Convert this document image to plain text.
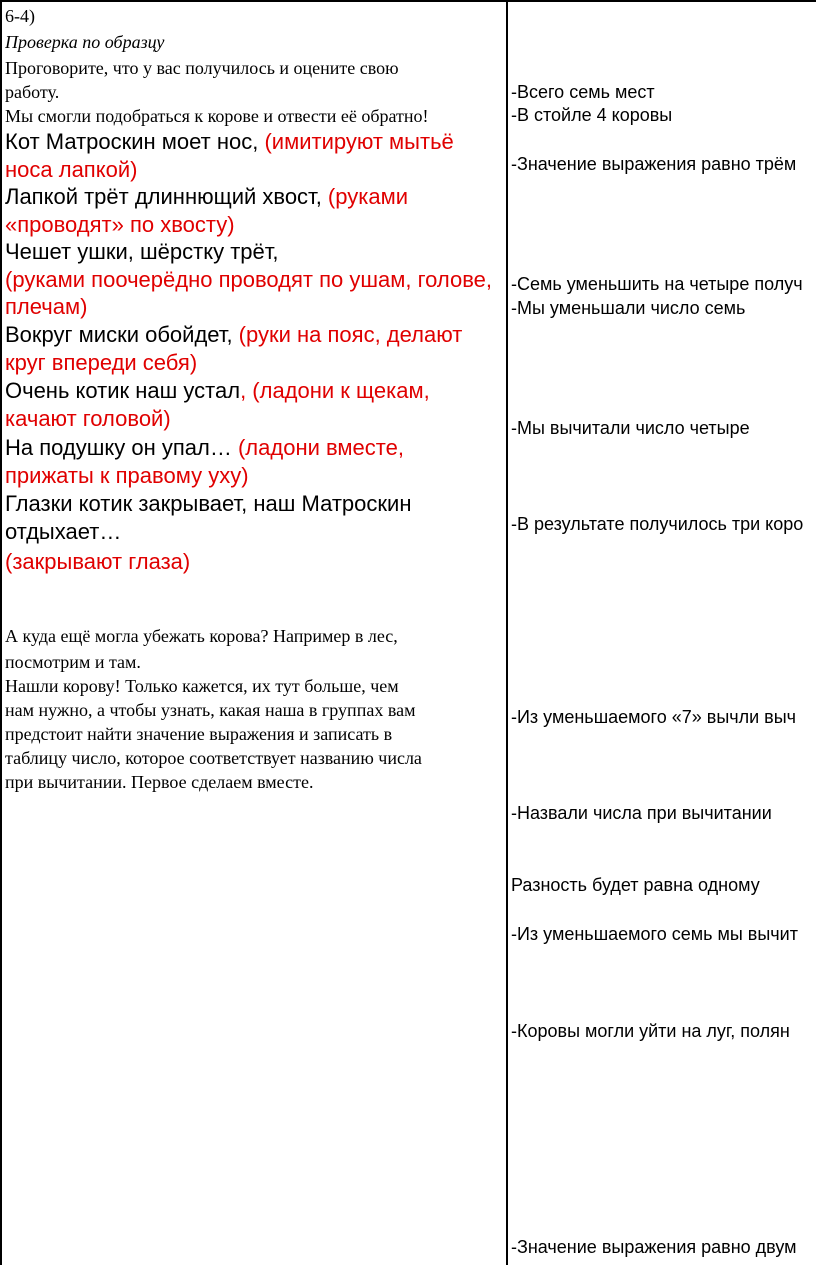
6-4)
Проверка по образцу
Проговорите, что у вас получилось и оцените свою
работу.
Мы смогли подобраться к корове и отвести её обратно!
Кот Матроскин моет нос, (имитируют мытьё
носа лапкой)
Лапкой трёт длиннющий хвост, (руками
«проводят» по хвосту)
Чешет ушки, шёрстку трёт,
(руками поочерёдно проводят по ушам, голове,
плечам)
Вокруг миски обойдет, (руки на пояс, делают
круг впереди себя)
Очень котик наш устал, (ладони к щекам,
качают головой)
На подушку он упал… (ладони вместе,
прижаты к правому уху)
Глазки котик закрывает, наш Матроскин
отдыхает…
(закрывают глаза)
А куда ещё могла убежать корова? Например в лес,
посмотрим и там.
Нашли корову! Только кажется, их тут больше, чем
нам нужно, а чтобы узнать, какая наша в группах вам
предстоит найти значение выражения и записать в
таблицу число, которое соответствует названию числа
при вычитании. Первое сделаем вместе.
-Всего семь мест
-В стойле 4 коровы
-Значение выражения равно трём
-Семь уменьшить на четыре получ
-Мы уменьшали число семь
-Мы вычитали число четыре
-В результате получилось три коро
-Из уменьшаемого «7» вычли выч
-Назвали числа при вычитании
Разность будет равна одному
-Из уменьшаемого семь мы вычит
-Коровы могли уйти на луг, полян
-Значение выражения равно двум
